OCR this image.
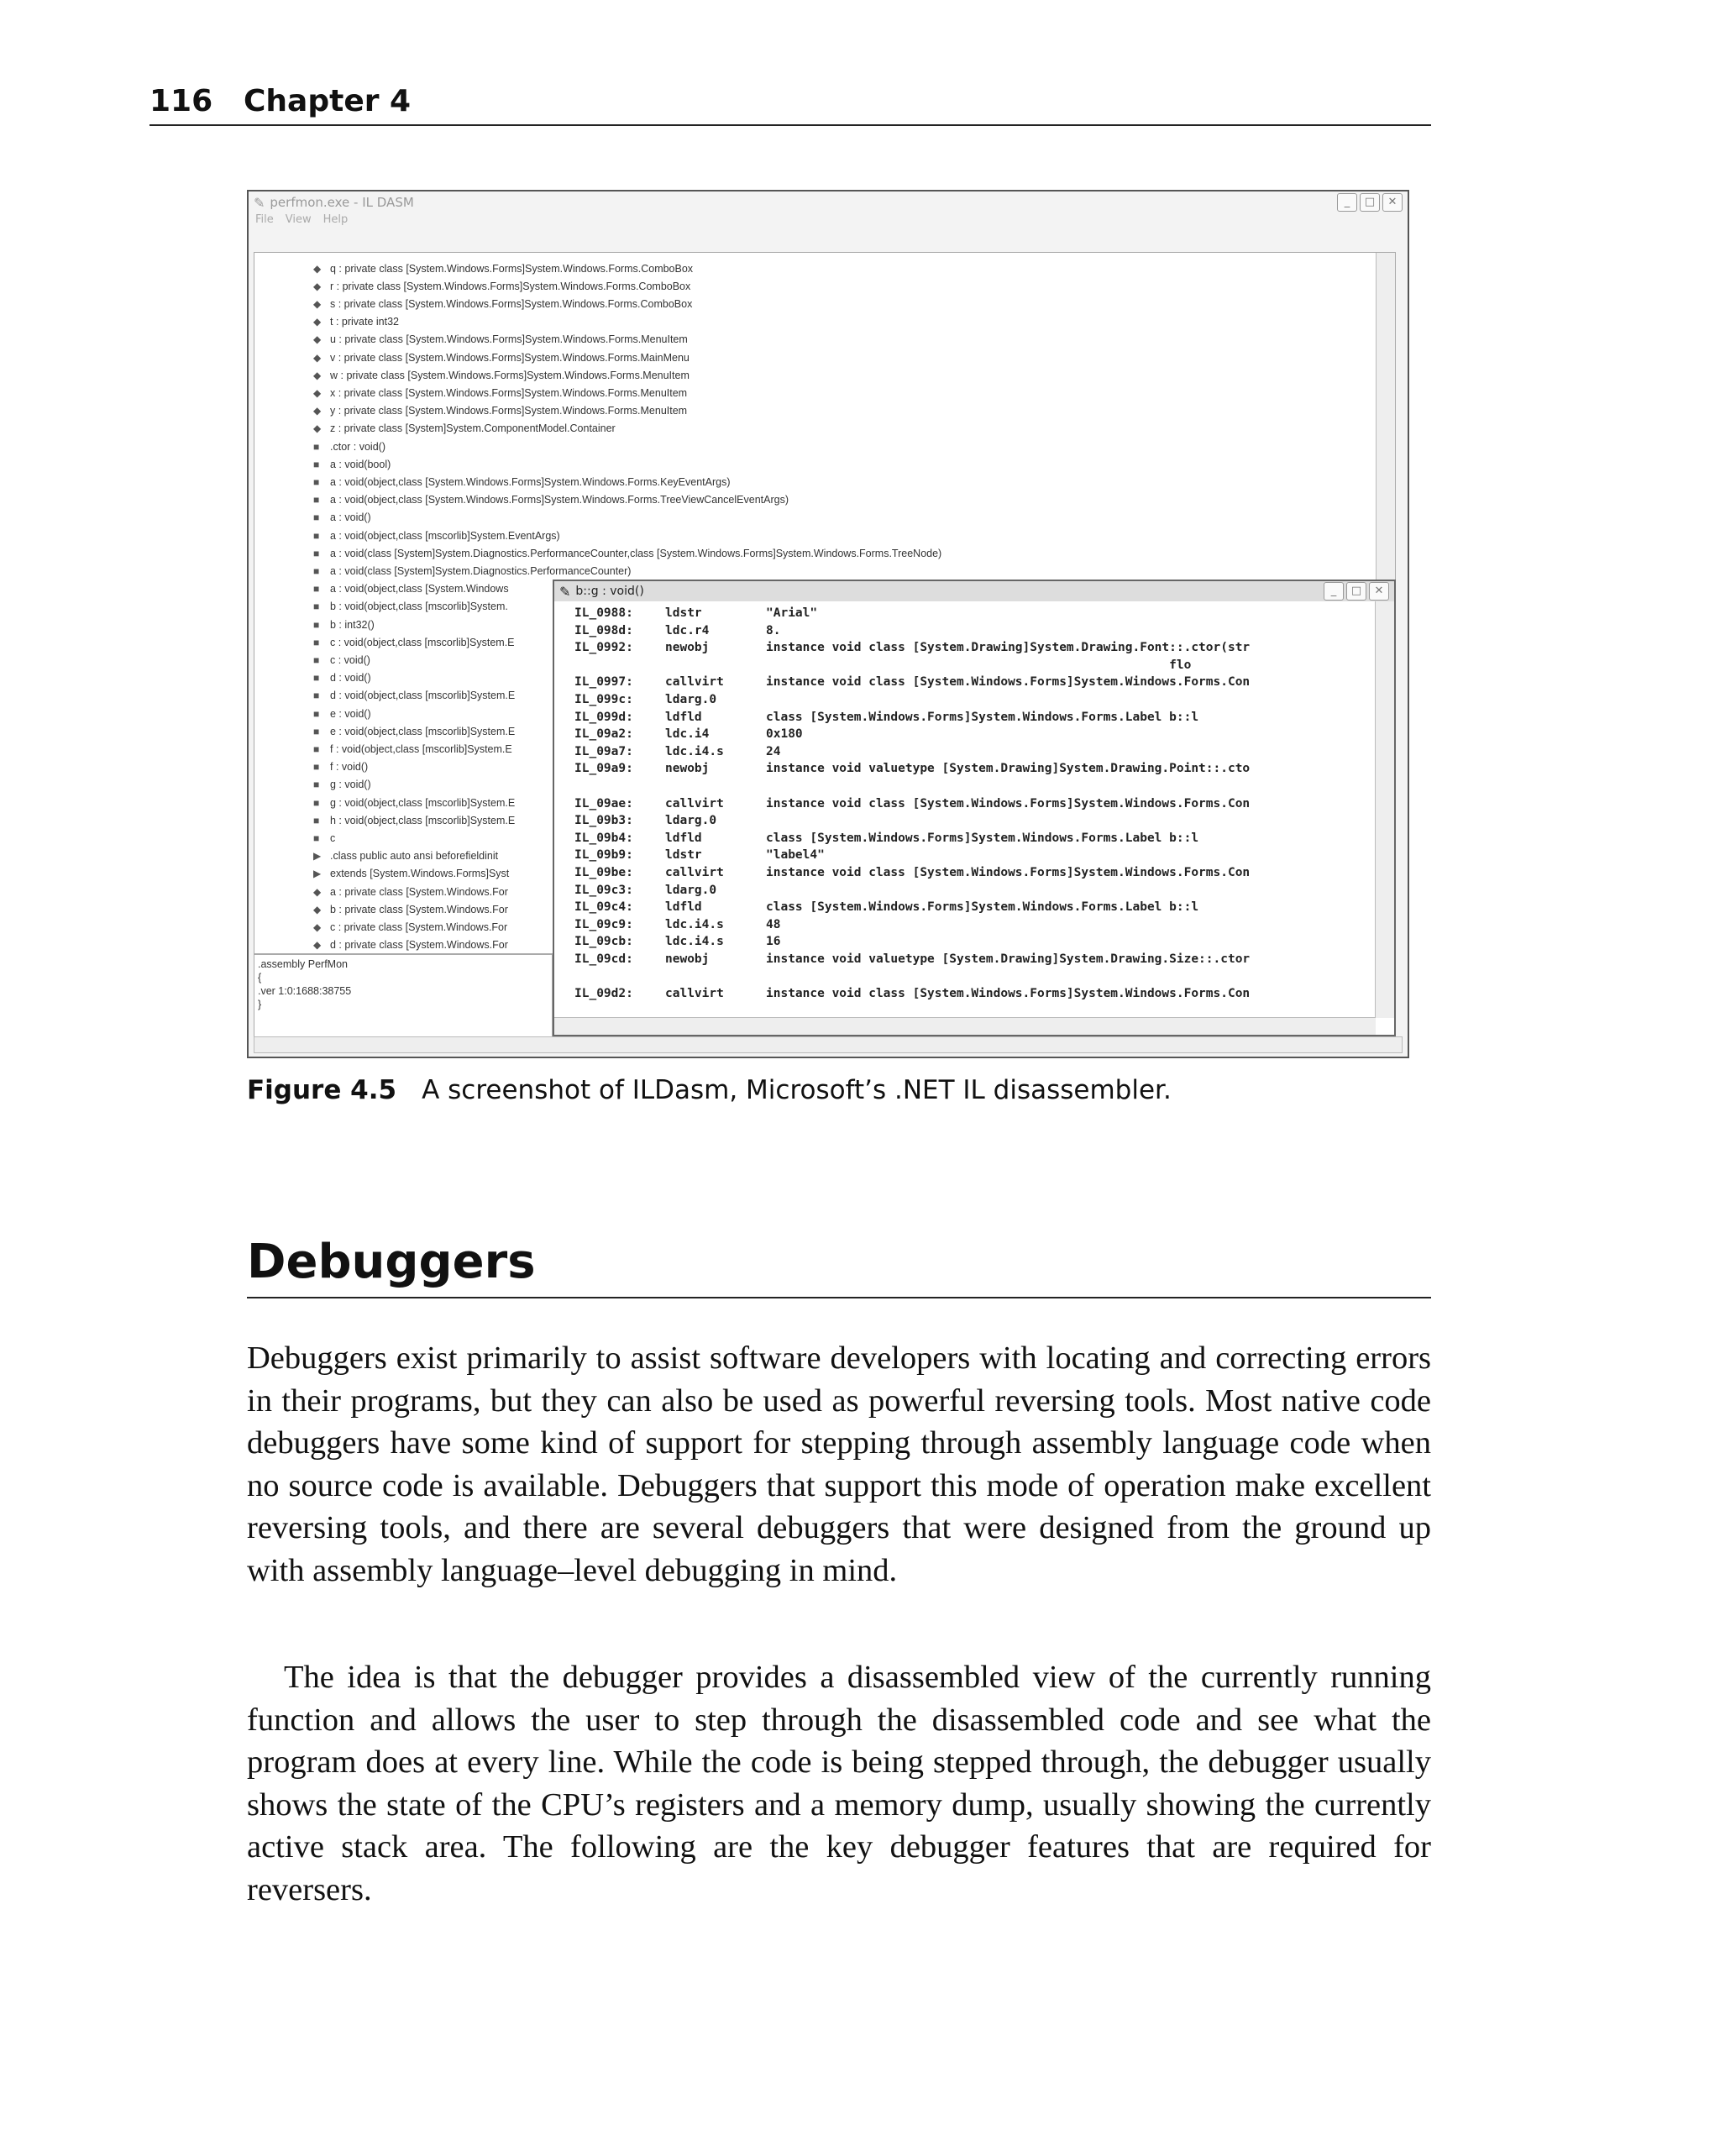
116 Chapter 4
✎ perfmon.exe - IL DASM	_	□	✕
File View Help
◆ q : private class [System.Windows.Forms]System.Windows.Forms.ComboBox
◆ r : private class [System.Windows.Forms]System.Windows.Forms.ComboBox
◆ s : private class [System.Windows.Forms]System.Windows.Forms.ComboBox
◆ t : private int32
◆ u : private class [System.Windows.Forms]System.Windows.Forms.MenuItem
◆ v : private class [System.Windows.Forms]System.Windows.Forms.MainMenu
◆ w : private class [System.Windows.Forms]System.Windows.Forms.MenuItem
◆ x : private class [System.Windows.Forms]System.Windows.Forms.MenuItem
◆ y : private class [System.Windows.Forms]System.Windows.Forms.MenuItem
◆ z : private class [System]System.ComponentModel.Container
■	.ctor : void()
■	a : void(bool)
■	a : void(object,class [System.Windows.Forms]System.Windows.Forms.KeyEventArgs)
■	a : void(object,class [System.Windows.Forms]System.Windows.Forms.TreeViewCancelEventArgs)
■	a : void()
■	a : void(object,class [mscorlib]System.EventArgs)
■	a : void(class [System]System.Diagnostics.PerformanceCounter,class [System.Windows.Forms]System.Windows.Forms.TreeNode)
■	a : void(class [System]System.Diagnostics.PerformanceCounter)
■	a : void(object,class [System.Windows
■	b : void(object,class [mscorlib]System.
■	b : int32()
■	c : void(object,class [mscorlib]System.E
■	c : void()
■	d : void()
■	d : void(object,class [mscorlib]System.E
■	e : void()
■	e : void(object,class [mscorlib]System.E
■	f : void(object,class [mscorlib]System.E
■	f : void()
■	g : void()
■	g : void(object,class [mscorlib]System.E
■	h : void(object,class [mscorlib]System.E
■	c
▶ .class public auto ansi beforefieldinit
▶ extends [System.Windows.Forms]Syst
◆ a : private class [System.Windows.For
◆ b : private class [System.Windows.For
◆ c : private class [System.Windows.For
◆ d : private class [System.Windows.For
.assembly PerfMon
{
.ver 1:0:1688:38755
}
✎ b::g : void()	_	□	✕
IL_0988:	ldstr	"Arial"
IL_098d:	ldc.r4	8.
IL_0992:	newobj	instance void class [System.Drawing]System.Drawing.Font::.ctor(str
flo
IL_0997:	callvirt	instance void class [System.Windows.Forms]System.Windows.Forms.Con
IL_099c:	ldarg.0
IL_099d:	ldfld	class [System.Windows.Forms]System.Windows.Forms.Label b::l
IL_09a2:	ldc.i4	0x180
IL_09a7:	ldc.i4.s	24
IL_09a9:	newobj	instance void valuetype [System.Drawing]System.Drawing.Point::.cto
IL_09ae:	callvirt	instance void class [System.Windows.Forms]System.Windows.Forms.Con
IL_09b3:	ldarg.0
IL_09b4:	ldfld	class [System.Windows.Forms]System.Windows.Forms.Label b::l
IL_09b9:	ldstr	"label4"
IL_09be:	callvirt	instance void class [System.Windows.Forms]System.Windows.Forms.Con
IL_09c3:	ldarg.0
IL_09c4:	ldfld	class [System.Windows.Forms]System.Windows.Forms.Label b::l
IL_09c9:	ldc.i4.s	48
IL_09cb:	ldc.i4.s	16
IL_09cd:	newobj	instance void valuetype [System.Drawing]System.Drawing.Size::.ctor
IL_09d2:	callvirt	instance void class [System.Windows.Forms]System.Windows.Forms.Con
Figure 4.5 A screenshot of ILDasm, Microsoft’s .NET IL disassembler.
Debuggers

Debuggers exist primarily to assist software developers with locating and correcting errors in their programs, but they can also be used as powerful reversing tools. Most native code debuggers have some kind of support for stepping through assembly language code when no source code is available. Debuggers that support this mode of operation make excellent reversing tools, and there are several debuggers that were designed from the ground up with assembly language–level debugging in mind.

The idea is that the debugger provides a disassembled view of the currently running function and allows the user to step through the disassembled code and see what the program does at every line. While the code is being stepped through, the debugger usually shows the state of the CPU’s registers and a memory dump, usually showing the currently active stack area. The following are the key debugger features that are required for reversers.
